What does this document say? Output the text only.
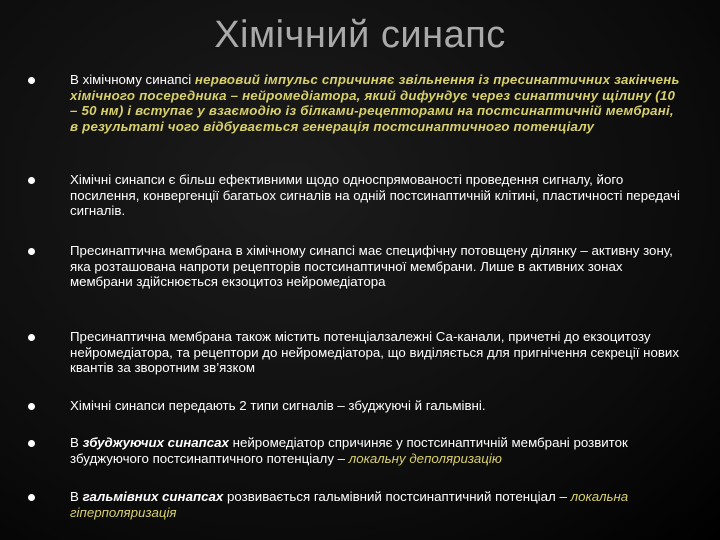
Хімічний синапс
В хімічному синапсі нервовий імпульс спричиняє звільнення із пресинаптичних закінчень хімічного посередника – нейромедіатора, який дифундує через синаптичну щілину (10 – 50 нм) і вступає у взаємодію із білками-рецепторами на постсинаптичній мембрані, в результаті чого відбувається генерація постсинаптичного потенціалу
Хімічні синапси є більш ефективними щодо односпрямованості проведення сигналу, його посилення, конвергенції багатьох сигналів на одній постсинаптичній клітині, пластичності передачі сигналів.
Пресинаптична мембрана в хімічному синапсі має специфічну потовщену ділянку – активну зону, яка розташована напроти рецепторів постсинаптичної мембрани. Лише в активних зонах мембрани здійснюється екзоцитоз нейромедіатора
Пресинаптична мембрана також містить потенціалзалежні Са-канали, причетні до екзоцитозу нейромедіатора, та рецептори до нейромедіатора, що виділяється для пригнічення секреції нових квантів за зворотним зв’язком
Хімічні синапси передають 2 типи сигналів – збуджуючі й гальмівні.
В збуджуючих синапсах нейромедіатор спричиняє у постсинаптичній мембрані розвиток збуджуючого постсинаптичного потенціалу – локальну деполяризацію
В гальмівних синапсах розвивається гальмівний постсинаптичний потенціал – локальна гіперполяризація
